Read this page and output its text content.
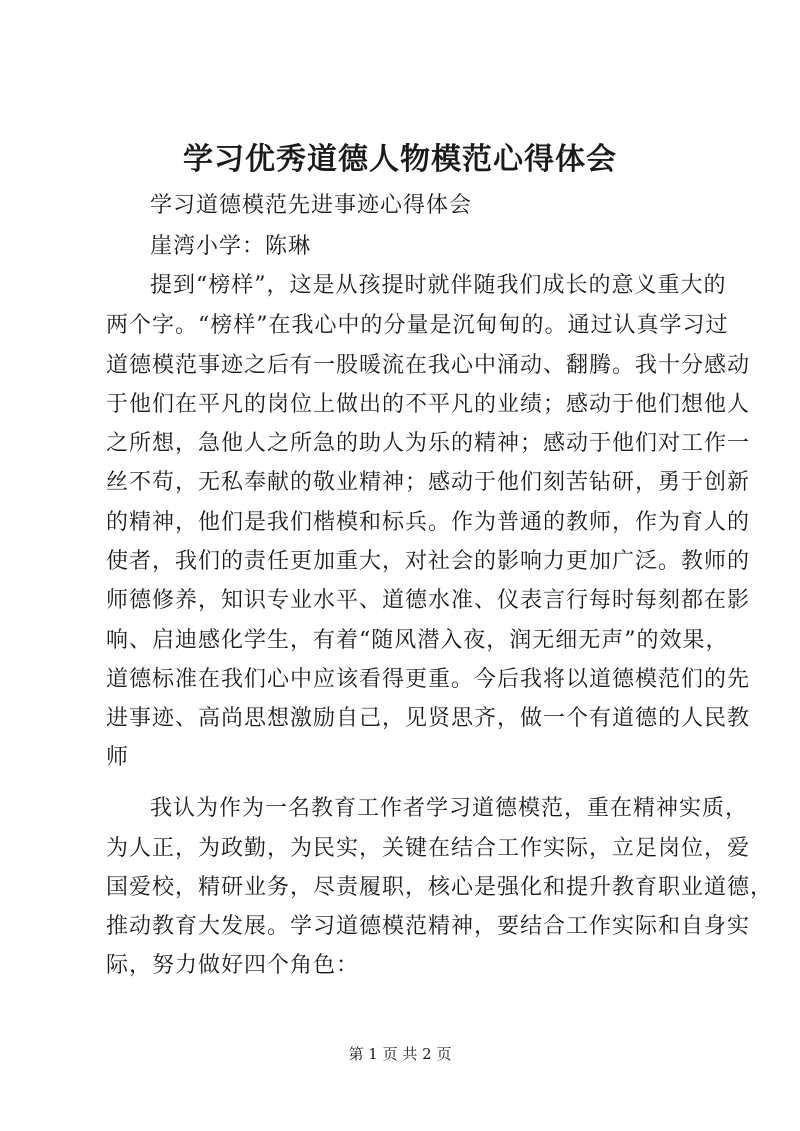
学习优秀道德人物模范心得体会
学习道德模范先进事迹心得体会
崖湾小学：陈琳
提到“榜样”，这是从孩提时就伴随我们成长的意义重大的
两个字。“榜样”在我心中的分量是沉甸甸的。通过认真学习过
道德模范事迹之后有一股暖流在我心中涌动、翻腾。我十分感动
于他们在平凡的岗位上做出的不平凡的业绩；感动于他们想他人
之所想，急他人之所急的助人为乐的精神；感动于他们对工作一
丝不苟，无私奉献的敬业精神；感动于他们刻苦钻研，勇于创新
的精神，他们是我们楷模和标兵。作为普通的教师，作为育人的
使者，我们的责任更加重大，对社会的影响力更加广泛。教师的
师德修养，知识专业水平、道德水准、仪表言行每时每刻都在影
响、启迪感化学生，有着“随风潜入夜，润无细无声”的效果，
道德标准在我们心中应该看得更重。今后我将以道德模范们的先
进事迹、高尚思想激励自己，见贤思齐，做一个有道德的人民教
师
我认为作为一名教育工作者学习道德模范，重在精神实质，
为人正，为政勤，为民实，关键在结合工作实际，立足岗位，爱
国爱校，精研业务，尽责履职，核心是强化和提升教育职业道德，
推动教育大发展。学习道德模范精神，要结合工作实际和自身实
际，努力做好四个角色：
第 1 页 共 2 页
